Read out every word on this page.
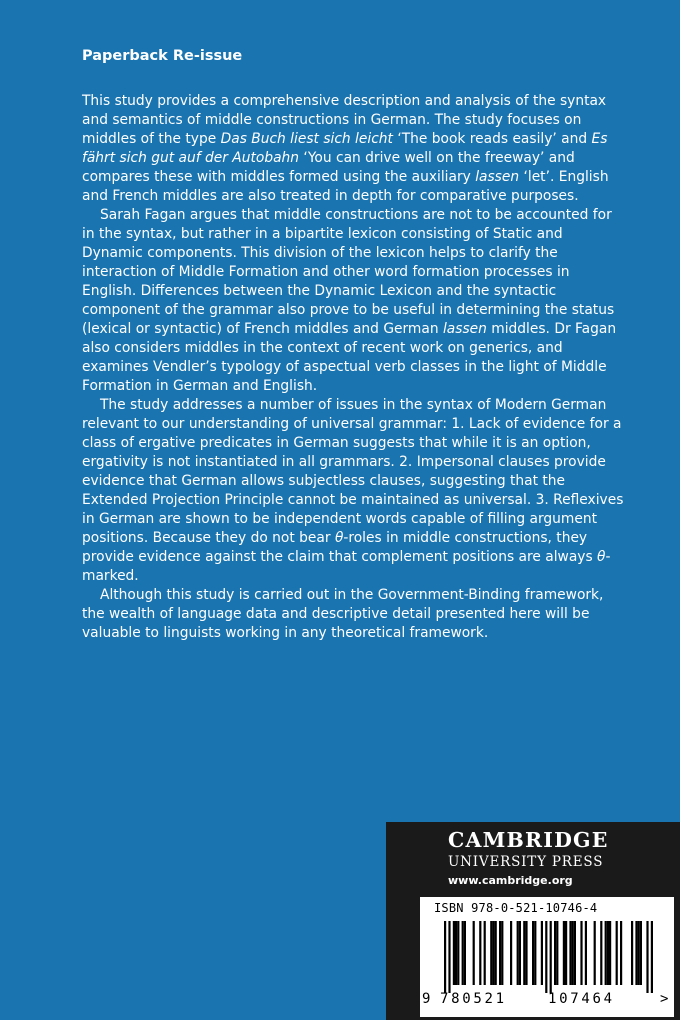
Paperback Re-issue

This study provides a comprehensive description and analysis of the syntax and semantics of middle constructions in German. The study focuses on middles of the type Das Buch liest sich leicht ‘The book reads easily’ and Es fährt sich gut auf der Autobahn ‘You can drive well on the freeway’ and compares these with middles formed using the auxiliary lassen ‘let’. English and French middles are also treated in depth for comparative purposes.

Sarah Fagan argues that middle constructions are not to be accounted for in the syntax, but rather in a bipartite lexicon consisting of Static and Dynamic components. This division of the lexicon helps to clarify the interaction of Middle Formation and other word formation processes in English. Differences between the Dynamic Lexicon and the syntactic component of the grammar also prove to be useful in determining the status (lexical or syntactic) of French middles and German lassen middles. Dr Fagan also considers middles in the context of recent work on generics, and examines Vendler’s typology of aspectual verb classes in the light of Middle Formation in German and English.

The study addresses a number of issues in the syntax of Modern German relevant to our understanding of universal grammar: 1. Lack of evidence for a class of ergative predicates in German suggests that while it is an option, ergativity is not instantiated in all grammars. 2. Impersonal clauses provide evidence that German allows subjectless clauses, suggesting that the Extended Projection Principle cannot be maintained as universal. 3. Reflexives in German are shown to be independent words capable of filling argument positions. Because they do not bear θ-roles in middle constructions, they provide evidence against the claim that complement positions are always θ-marked.

Although this study is carried out in the Government-Binding framework, the wealth of language data and descriptive detail presented here will be valuable to linguists working in any theoretical framework.

CAMBRIDGE
UNIVERSITY PRESS
www.cambridge.org
ISBN 978-0-521-10746-4
9 780521	107464	>
